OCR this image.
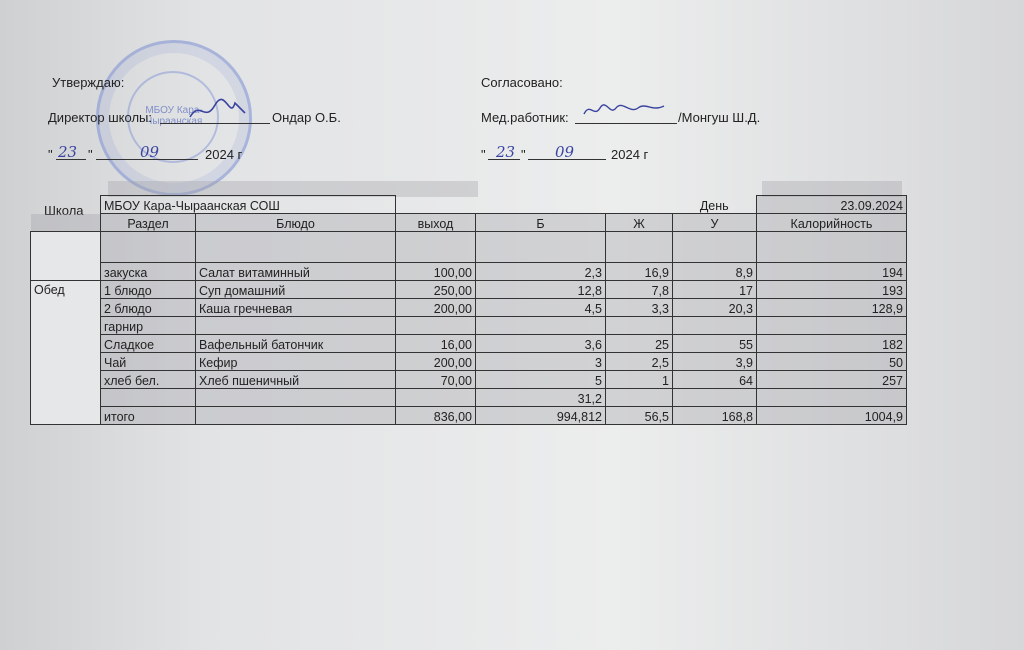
МБОУ Кара-Чыраанская
Утверждаю:
Директор школы:	Ондар О.Б.
" 23 "	09	2024 г
Согласовано:
Мед.работник:	/Монгуш Ш.Д.
" 23 " 09	2024 г
Школа
	МБОУ Кара-Чыраанская СОШ					День	23.09.2024
	Раздел	Блюдо	выход	Б	Ж	У	Калорийность

	закуска	Салат витаминный	100,00	2,3	16,9	8,9	194
Обед	1 блюдо	Суп домашний	250,00	12,8	7,8	17	193
	2 блюдо	Каша гречневая	200,00	4,5	3,3	20,3	128,9
	гарнир						
	Сладкое	Вафельный батончик	16,00	3,6	25	55	182
	Чай	Кефир	200,00	3	2,5	3,9	50
	хлеб бел.	Хлеб пшеничный	70,00	5	1	64	257
				31,2			
	итого		836,00	994,812	56,5	168,8	1004,9
